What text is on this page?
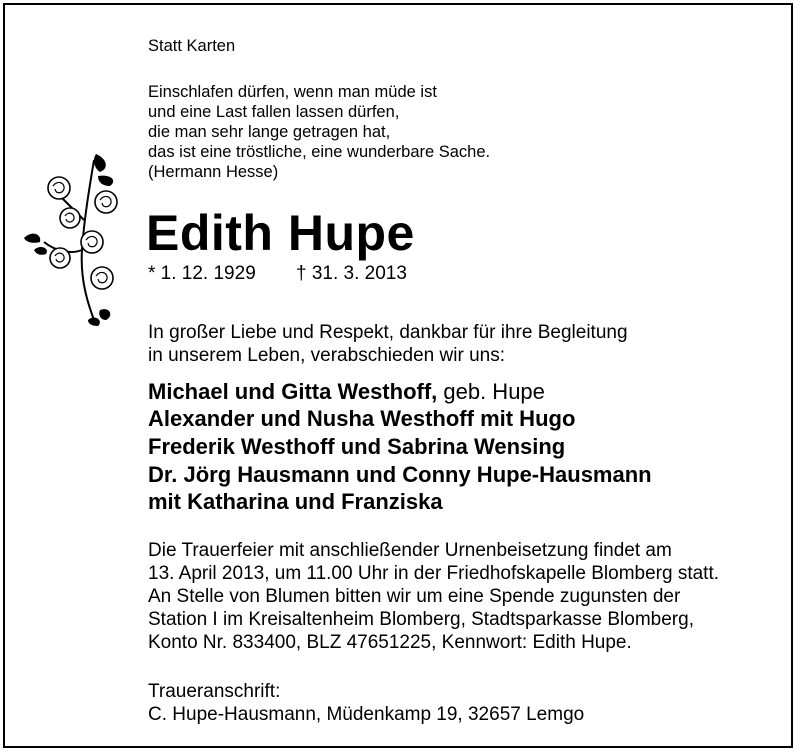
Statt Karten
Einschlafen dürfen, wenn man müde ist
und eine Last fallen lassen dürfen,
die man sehr lange getragen hat,
das ist eine tröstliche, eine wunderbare Sache.
(Hermann Hesse)
Edith Hupe
* 1. 12. 1929 † 31. 3. 2013
In großer Liebe und Respekt, dankbar für ihre Begleitung
in unserem Leben, verabschieden wir uns:
Michael und Gitta Westhoff, geb. Hupe
Alexander und Nusha Westhoff mit Hugo
Frederik Westhoff und Sabrina Wensing
Dr. Jörg Hausmann und Conny Hupe-Hausmann
mit Katharina und Franziska
Die Trauerfeier mit anschließender Urnenbeisetzung findet am
13. April 2013, um 11.00 Uhr in der Friedhofskapelle Blomberg statt.
An Stelle von Blumen bitten wir um eine Spende zugunsten der
Station I im Kreisaltenheim Blomberg, Stadtsparkasse Blomberg,
Konto Nr. 833400, BLZ 47651225, Kennwort: Edith Hupe.
Traueranschrift:
C. Hupe-Hausmann, Müdenkamp 19, 32657 Lemgo
